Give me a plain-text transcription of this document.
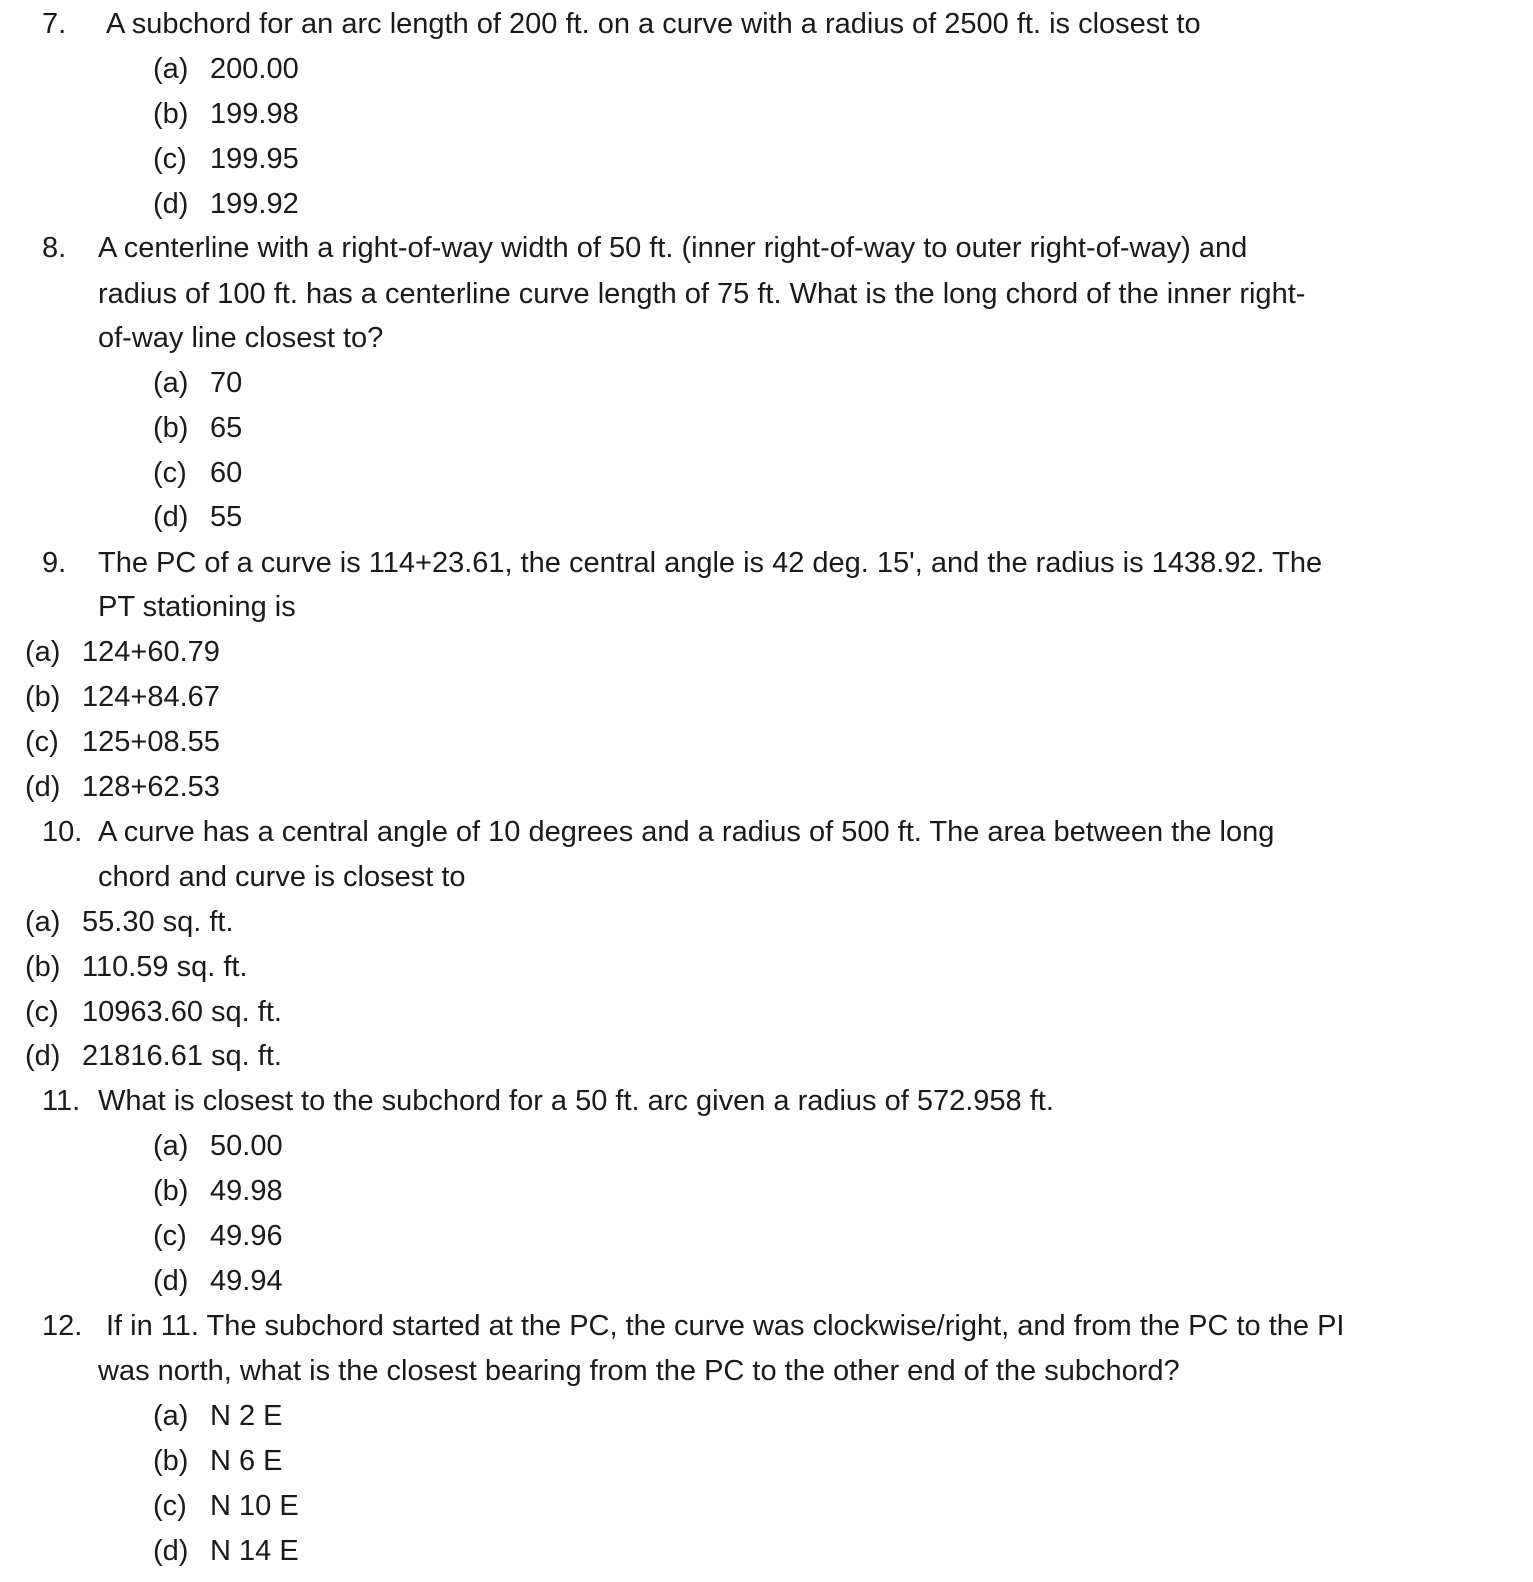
7. A subchord for an arc length of 200 ft. on a curve with a radius of 2500 ft. is closest to
(a) 200.00
(b) 199.98
(c) 199.95
(d) 199.92
8. A centerline with a right-of-way width of 50 ft. (inner right-of-way to outer right-of-way) and
radius of 100 ft. has a centerline curve length of 75 ft. What is the long chord of the inner right-
of-way line closest to?
(a) 70
(b) 65
(c) 60
(d) 55
9. The PC of a curve is 114+23.61, the central angle is 42 deg. 15', and the radius is 1438.92. The
PT stationing is
(a) 124+60.79
(b) 124+84.67
(c) 125+08.55
(d) 128+62.53
10. A curve has a central angle of 10 degrees and a radius of 500 ft. The area between the long
chord and curve is closest to
(a) 55.30 sq. ft.
(b) 110.59 sq. ft.
(c) 10963.60 sq. ft.
(d) 21816.61 sq. ft.
11. What is closest to the subchord for a 50 ft. arc given a radius of 572.958 ft.
(a) 50.00
(b) 49.98
(c) 49.96
(d) 49.94
12. If in 11. The subchord started at the PC, the curve was clockwise/right, and from the PC to the PI
was north, what is the closest bearing from the PC to the other end of the subchord?
(a) N 2 E
(b) N 6 E
(c) N 10 E
(d) N 14 E
